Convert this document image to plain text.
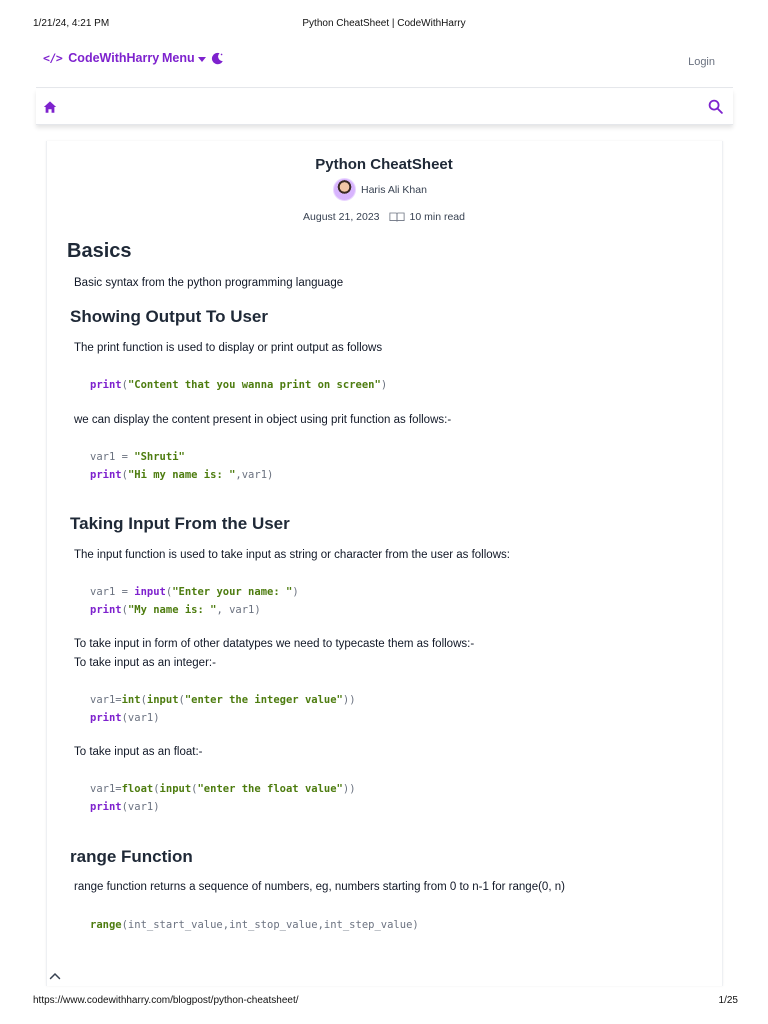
1/21/24, 4:21 PM	Python CheatSheet | CodeWithHarry
</> CodeWithHarry Menu	Login
Python CheatSheet
Haris Ali Khan
August 21, 2023	10 min read
Basics

Basic syntax from the python programming language

Showing Output To User

The print function is used to display or print output as follows

print("Content that you wanna print on screen")

we can display the content present in object using prit function as follows:-

var1 = "Shruti"
print("Hi my name is: ",var1)
Taking Input From the User

The input function is used to take input as string or character from the user as follows:

var1 = input("Enter your name: ")
print("My name is: ", var1)

To take input in form of other datatypes we need to typecaste them as follows:-

To take input as an integer:-

var1=int(input("enter the integer value"))
print(var1)

To take input as an float:-

var1=float(input("enter the float value"))
print(var1)
range Function

range function returns a sequence of numbers, eg, numbers starting from 0 to n-1 for range(0, n)

range(int_start_value,int_stop_value,int_step_value)
https://www.codewithharry.com/blogpost/python-cheatsheet/	1/25
